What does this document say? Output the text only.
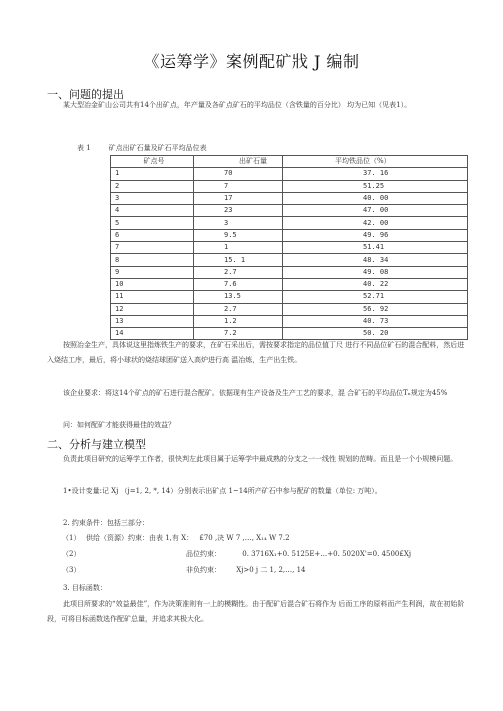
《运筹学》案例配矿戕 J 编制
一、问题的提出
某大型冶金矿山公司共有14个出矿点，年产量及各矿点矿石的平均品位（含铁量的百分比） 均为已知（见表1）。
表 1	矿点出矿石量及矿石平均品位表
矿点号	出矿石量	平均铁品位（%）
1	70	37. 16
2	7	51.25
3	17	40. 00
4	23	47. 00
5	3	42. 00
6	9.5	49. 96
7	1	51.41
8	15. 1	48. 34
9	2.7	49. 08
10	7.6	40. 22
11	13.5	52.71
12	2.7	56. 92
13	1.2	40. 73
14	7.2	50. 20
按照冶金生产，具体说这里指炼铁生产的要求，在矿石采出后，需按要求指定的品位值丁尺 进行不同品位矿石的混合配料，然后进入烧结工序，最后，将小球状的烧结球团矿送入高炉进行高 温冶炼，生产出生铁。
该企业要求：将这14个矿点的矿石进行混合配矿。依据现有生产设备及生产工艺的要求，混 合矿石的平均品位Tₙ规定为45%
问：如何配矿才能获得最佳的效益？
二、分析与建立模型
负责此项目研究的运筹学工作者，很快判左此项目属于运筹学中最成熟的分支之一一线性 规划的范畴。而且是一个小规模问题。
1•设计变量:记 Xj （j=1, 2, *, 14）分别表示出矿点 1~14所产矿石中参与配矿的数量（单位: 万吨）。
2. 约束条件：包括三部分：
（1） 供给（资源）约束：由表 1,有 X： £70 ,决 W 7 ,…, X₁₄ W 7.2
（2）	品位约束：	0. 3716X₁+0. 5125E+…+0. 5020X'=0. 4500£Xj
（3）	非负约束： Xj>0 j 二 1, 2,…, 14
3. 目标函数：
此项目所要求的“效益最佳”，作为决策准则有一上的模糊性。由于配矿后混合矿石将作为 后而工序的原料而产生利润，故在初始阶段，可将目标函数选作配矿总量，并追求其极大化。
